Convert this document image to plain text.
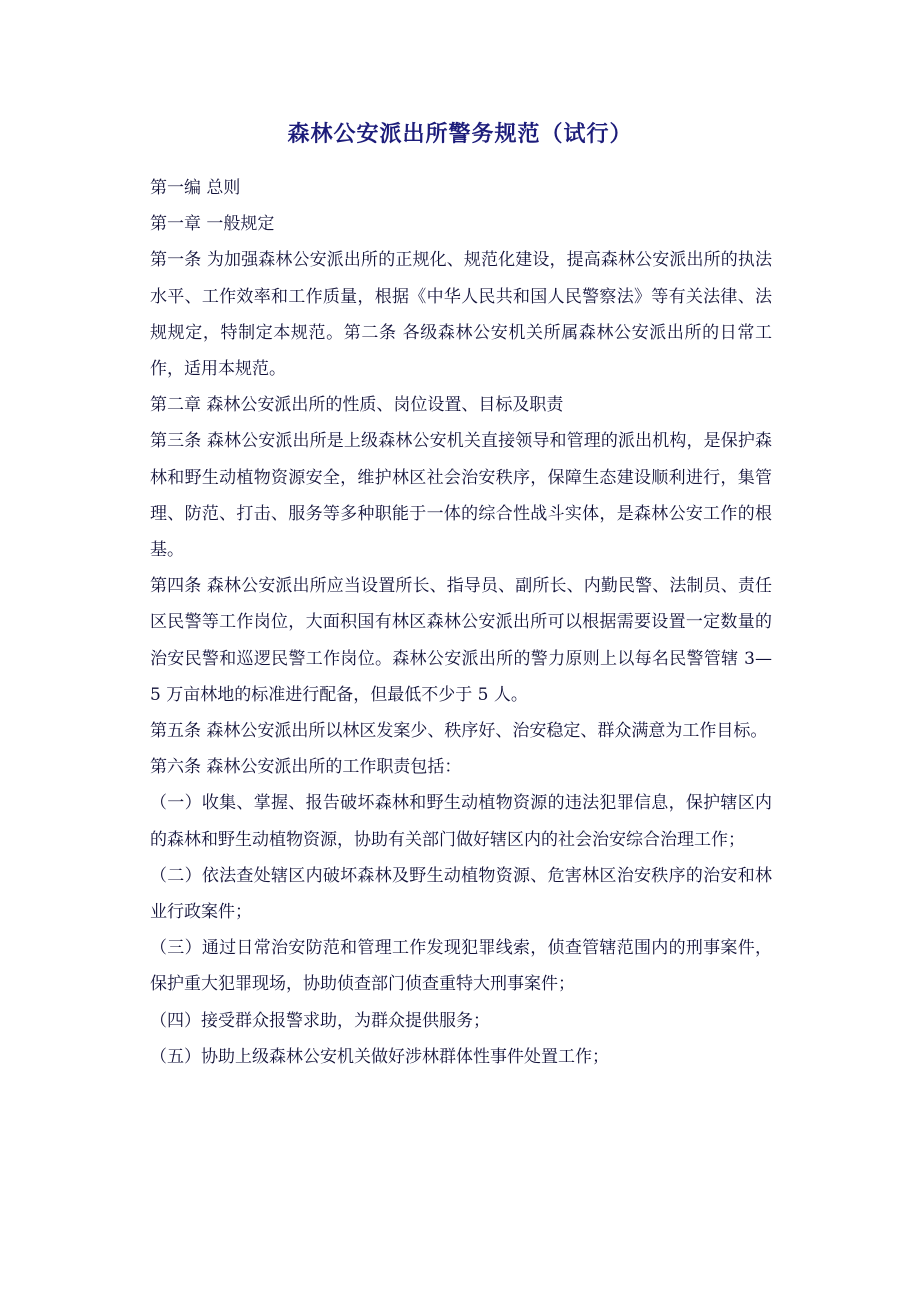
森林公安派出所警务规范（试行）

第一编 总则

第一章 一般规定

第一条 为加强森林公安派出所的正规化、规范化建设，提高森林公安派出所的执法水平、工作效率和工作质量，根据《中华人民共和国人民警察法》等有关法律、法规规定，特制定本规范。第二条 各级森林公安机关所属森林公安派出所的日常工作，适用本规范。

第二章 森林公安派出所的性质、岗位设置、目标及职责

第三条 森林公安派出所是上级森林公安机关直接领导和管理的派出机构，是保护森林和野生动植物资源安全，维护林区社会治安秩序，保障生态建设顺利进行，集管理、防范、打击、服务等多种职能于一体的综合性战斗实体，是森林公安工作的根基。

第四条 森林公安派出所应当设置所长、指导员、副所长、内勤民警、法制员、责任区民警等工作岗位，大面积国有林区森林公安派出所可以根据需要设置一定数量的治安民警和巡逻民警工作岗位。森林公安派出所的警力原则上以每名民警管辖 3—5 万亩林地的标准进行配备，但最低不少于 5 人。

第五条 森林公安派出所以林区发案少、秩序好、治安稳定、群众满意为工作目标。

第六条 森林公安派出所的工作职责包括：

（一）收集、掌握、报告破坏森林和野生动植物资源的违法犯罪信息，保护辖区内的森林和野生动植物资源，协助有关部门做好辖区内的社会治安综合治理工作；

（二）依法查处辖区内破坏森林及野生动植物资源、危害林区治安秩序的治安和林业行政案件；

（三）通过日常治安防范和管理工作发现犯罪线索，侦查管辖范围内的刑事案件，保护重大犯罪现场，协助侦查部门侦查重特大刑事案件；

（四）接受群众报警求助，为群众提供服务；

（五）协助上级森林公安机关做好涉林群体性事件处置工作；
